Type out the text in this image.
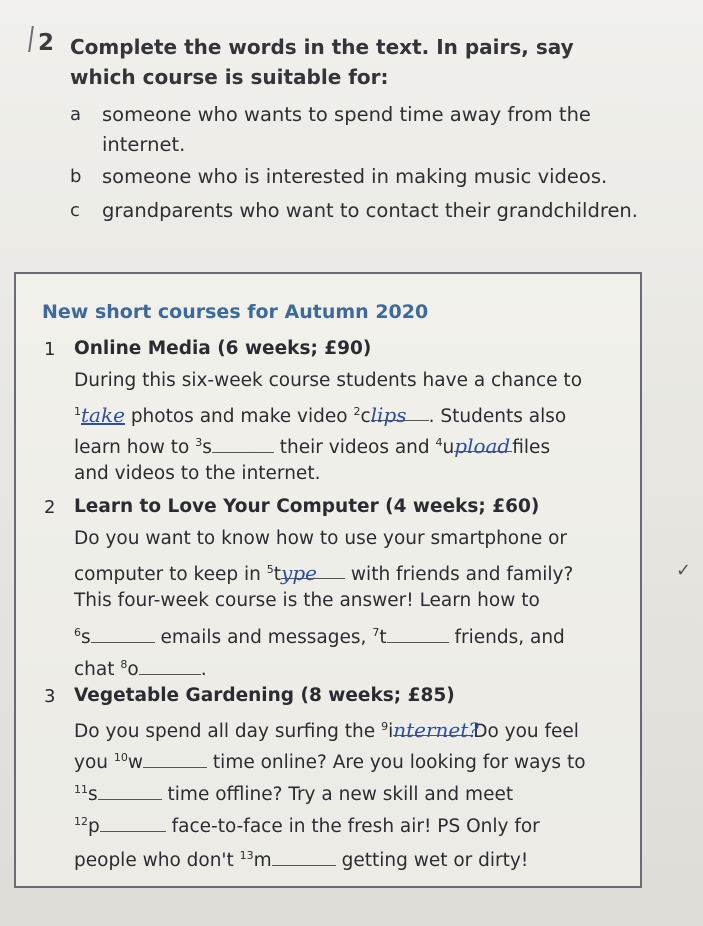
2 Complete the words in the text. In pairs, say which course is suitable for:
a someone who wants to spend time away from the internet.
b someone who is interested in making music videos.
c grandparents who want to contact their grandchildren.
New short courses for Autumn 2020
1 Online Media (6 weeks; £90)
During this six-week course students have a chance to
$^1$take photos and make video $^2$clips . Students also
learn how to $^3$s	their videos and $^4$upload files
and videos to the internet.
2 Learn to Love Your Computer (4 weeks; £60)
Do you want to know how to use your smartphone or
computer to keep in $^5$type with friends and family?
This four-week course is the answer! Learn how to
$^6$s	emails and messages, $^7$t	friends, and
chat $^8$o	.
3 Vegetable Gardening (8 weeks; £85)
Do you spend all day surfing the $^9$internet?Do you feel
you $^{10}$w	time online? Are you looking for ways to
$^{11}$s	time offline? Try a new skill and meet
$^{12}$p	face-to-face in the fresh air! PS Only for
people who don't $^{13}$m	getting wet or dirty!
✓
